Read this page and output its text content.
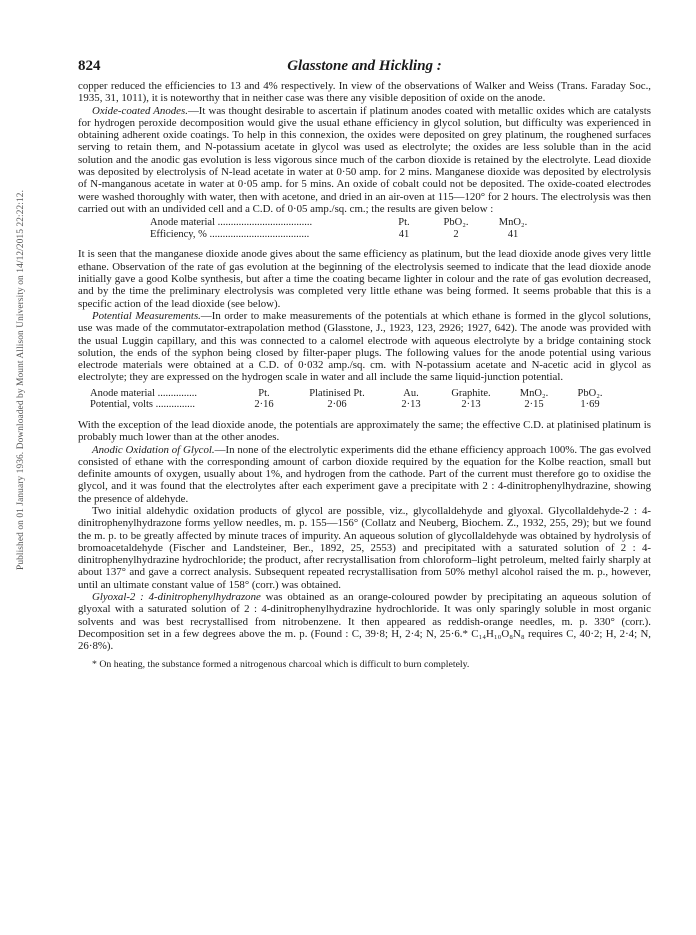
Published on 01 January 1936. Downloaded by Mount Allison University on 14/12/2015 22:22:12.
824	Glasstone and Hickling :

copper reduced the efficiencies to 13 and 4% respectively. In view of the observations of Walker and Weiss (Trans. Faraday Soc., 1935, 31, 1011), it is noteworthy that in neither case was there any visible deposition of oxide on the anode.

Oxide-coated Anodes.—It was thought desirable to ascertain if platinum anodes coated with metallic oxides which are catalysts for hydrogen peroxide decomposition would give the usual ethane efficiency in glycol solution, but difficulty was experienced in obtaining adherent oxide coatings. To help in this connexion, the oxides were deposited on grey platinum, the roughened surfaces serving to retain them, and N-potassium acetate in glycol was used as electrolyte; the oxides are less soluble than in the acid solution and the anodic gas evolution is less vigorous since much of the carbon dioxide is retained by the electrolyte. Lead dioxide was deposited by electrolysis of N-lead acetate in water at 0·50 amp. for 2 mins. Manganese dioxide was deposited by electrolysis of N-manganous acetate in water at 0·05 amp. for 5 mins. An oxide of cobalt could not be deposited. The oxide-coated electrodes were washed thoroughly with water, then with acetone, and dried in an air-oven at 115—120° for 2 hours. The electrolysis was then carried out with an undivided cell and a C.D. of 0·05 amp./sq. cm.; the results are given below :

Anode material ....................................	Pt.	PbO₂.	MnO₂.
Efficiency, % ......................................	41	2	41

It is seen that the manganese dioxide anode gives about the same efficiency as platinum, but the lead dioxide anode gives very little ethane. Observation of the rate of gas evolution at the beginning of the electrolysis seemed to indicate that the lead dioxide anode initially gave a good Kolbe synthesis, but after a time the coating became lighter in colour and the rate of gas evolution decreased, and by the time the preliminary electrolysis was completed very little ethane was being formed. It seems probable that this is a specific action of the lead dioxide (see below).

Potential Measurements.—In order to make measurements of the potentials at which ethane is formed in the glycol solutions, use was made of the commutator-extrapolation method (Glasstone, J., 1923, 123, 2926; 1927, 642). The anode was provided with the usual Luggin capillary, and this was connected to a calomel electrode with aqueous electrolyte by a bridge containing stock solution, the ends of the syphon being closed by filter-paper plugs. The following values for the anode potential using various electrode materials were obtained at a C.D. of 0·032 amp./sq. cm. with N-potassium acetate and N-acetic acid in glycol as electrolyte; they are expressed on the hydrogen scale in water and all include the same liquid-junction potential.

Anode material ...............	Pt.	Platinised Pt.	Au.	Graphite.	MnO₂.	PbO₂.
Potential, volts ...............	2·16	2·06	2·13	2·13	2·15	1·69

With the exception of the lead dioxide anode, the potentials are approximately the same; the effective C.D. at platinised platinum is probably much lower than at the other anodes.

Anodic Oxidation of Glycol.—In none of the electrolytic experiments did the ethane efficiency approach 100%. The gas evolved consisted of ethane with the corresponding amount of carbon dioxide required by the equation for the Kolbe reaction, small but definite amounts of oxygen, usually about 1%, and hydrogen from the cathode. Part of the current must therefore go to oxidise the glycol, and it was found that the electrolytes after each experiment gave a precipitate with 2 : 4-dinitrophenylhydrazine, showing the presence of aldehyde.

Two initial aldehydic oxidation products of glycol are possible, viz., glycollaldehyde and glyoxal. Glycollaldehyde-2 : 4-dinitrophenylhydrazone forms yellow needles, m. p. 155—156° (Collatz and Neuberg, Biochem. Z., 1932, 255, 29); but we found the m. p. to be greatly affected by minute traces of impurity. An aqueous solution of glycollaldehyde was obtained by hydrolysis of bromoacetaldehyde (Fischer and Landsteiner, Ber., 1892, 25, 2553) and precipitated with a saturated solution of 2 : 4-dinitrophenylhydrazine hydrochloride; the product, after recrystallisation from chloroform–light petroleum, melted fairly sharply at about 137° and gave a correct analysis. Subsequent repeated recrystallisation from 50% methyl alcohol raised the m. p., however, until an ultimate constant value of 158° (corr.) was obtained.

Glyoxal-2 : 4-dinitrophenylhydrazone was obtained as an orange-coloured powder by precipitating an aqueous solution of glyoxal with a saturated solution of 2 : 4-dinitrophenylhydrazine hydrochloride. It was only sparingly soluble in most organic solvents and was best recrystallised from nitrobenzene. It then appeared as reddish-orange needles, m. p. 330° (corr.). Decomposition set in a few degrees above the m. p. (Found : C, 39·8; H, 2·4; N, 25·6.* C₁₄H₁₀O₈N₈ requires C, 40·2; H, 2·4; N, 26·8%).

* On heating, the substance formed a nitrogenous charcoal which is difficult to burn completely.
